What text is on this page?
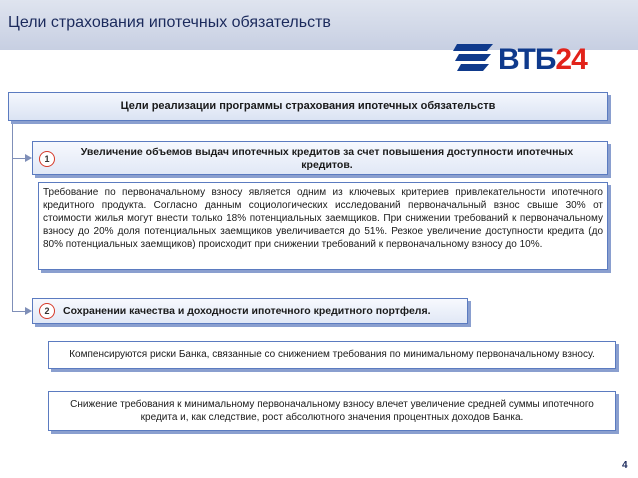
Цели страхования ипотечных обязательств
ВТБ24
Цели реализации программы страхования ипотечных обязательств
1
Увеличение объемов выдач ипотечных кредитов за счет повышения доступности ипотечных кредитов.
Требование по первоначальному взносу является одним из ключевых критериев привлекательности ипотечного кредитного продукта. Согласно данным социологических исследований первоначальный взнос свыше 30% от стоимости жилья могут внести только 18% потенциальных заемщиков. При снижении требований к первоначальному взносу до 20% доля потенциальных заемщиков увеличивается до 51%. Резкое увеличение доступности кредита (до 80% потенциальных заемщиков) происходит при снижении требований к первоначальному взносу до 10%.
2	Сохранении качества и доходности ипотечного кредитного портфеля.
Компенсируются риски Банка, связанные со снижением требования по минимальному первоначальному взносу.
Снижение требования к минимальному первоначальному взносу влечет увеличение средней суммы ипотечного кредита и, как следствие, рост абсолютного значения процентных доходов Банка.
4
